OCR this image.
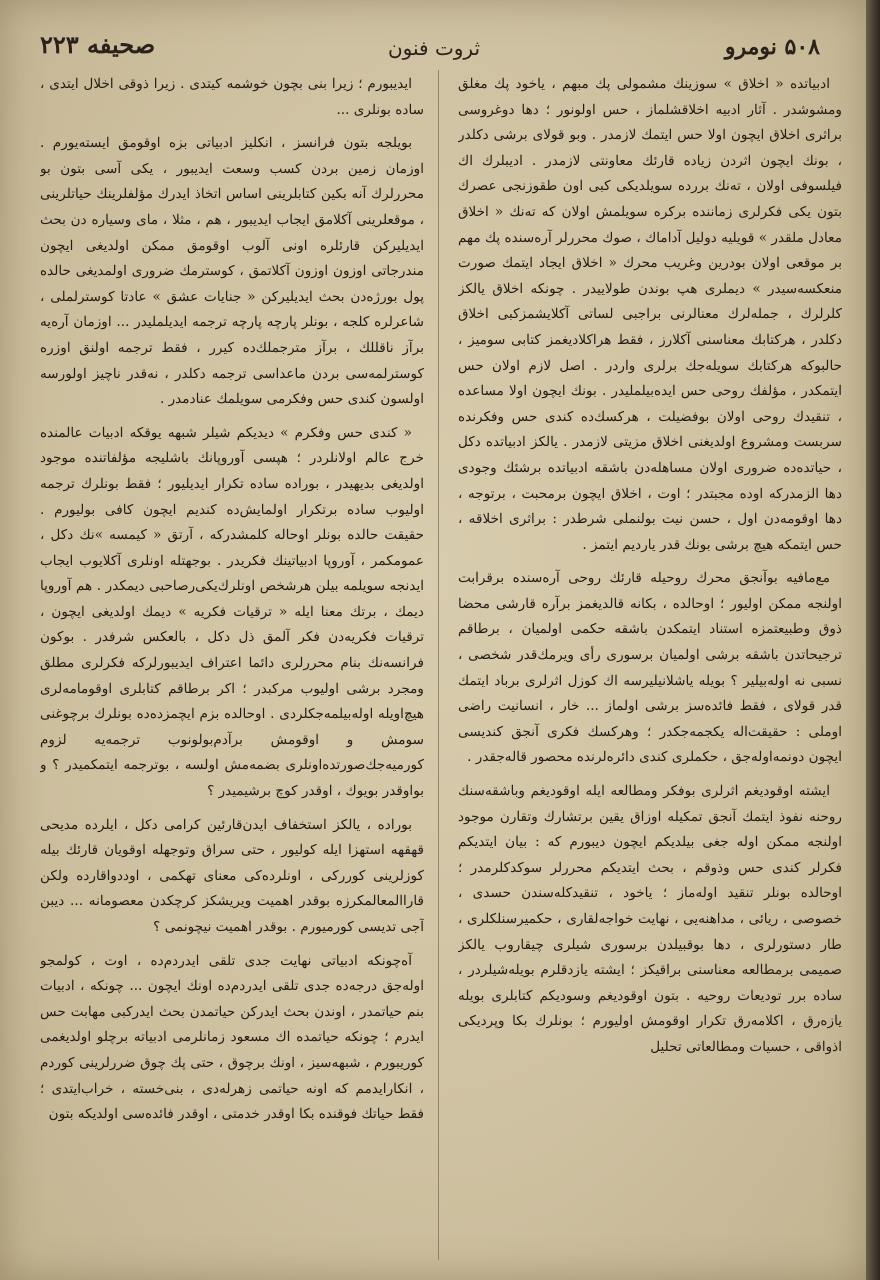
۵۰۸ نومرو
ثروت فنون
صحیفه ۲۲۳

ادبیاتده « اخلاق » سوزینك مشمولی پك مبهم ، یاخود پك مغلق ومشوشدر . آثار ادبیه اخلاقشلماز ، حس اولونور ؛ دها دوغروسی براثری اخلاق ایچون اولا حس ایتمك لازمدر . وبو قولای برشی دکلدر ، بونك ایچون اثردن زیاده قارئك معاونتی لازمدر . ادیبلرك اك فیلسوفی اولان ، تەنك بررده سویلدیکی کبی اون طقوزنجی عصرك بتون یکی فکرلری زماننده برکره سویلمش اولان که تەنك « اخلاق معادل ملقدر » قویلیه دولیل آداماك ، صوك محررلر آره‌سنده پك مهم بر موقعی اولان بودرین وغریب محرك « اخلاق ایجاد ایتمك صورت منعکسه‌سیدر » دیملری هپ بوندن طولاییدر . چونکه اخلاق یالکز کلرلرك ، جمله‌لرك معنالرنی براجبی لساتی آکلایشمزکبی اخلاق دکلدر ، هرکتابك معناسنی آکلارز ، فقط هراکلادیغمز کتابی سومیز ، حالبوکه هرکتابك سویله‌جك برلری واردر . اصل لازم اولان حس ایتمکدر ، مؤلفك روحی حس ایده‌بیلملیدر . بونك ایچون اولا مساعده ، تنقیدك روحی اولان بوفضیلت ، هرکسك‌ده کندی حس وفکرنده سربست ومشروع اولدیغنی اخلاق مزیتی لازمدر . یالکز ادبیاتده دکل ، حیاتده‌ده ضروری اولان مساهله‌دن باشقه ادبیاتده برشئك وجودی دها الزمدرکه اوده مجبتدر ؛ اوت ، اخلاق ایچون برمحبت ، برتوجه ، دها اوقومه‌دن اول ، حسن نیت بولنملی شرطدر : براثری اخلاقه ، حس ایتمکه هیچ برشی بونك قدر یاردیم ایتمز .

مع‌مافیه بوآنجق محرك روحیله قارئك روحی آره‌سنده برقرابت اولنجه ممکن اولیور ؛ اوحالده ، بکانه قالدیغمز برآره قارشی محضا ذوق وطبیعتمزه استناد ایتمکدن باشقه حکمی اولمیان ، برطاقم ترجیحاتدن باشقه برشی اولمیان برسوری رأی ویرمك‌قدر شخصی ، نسبی نه اوله‌بیلیر ؟ بویله یاشلانیلیرسه اك کوزل اثرلری برباد ایتمك قدر قولای ، فقط فائده‌سز برشی اولماز ... خار ، انسانیت راضی اوملی : حقیقت‌اله یکجمه‌جکدر ؛ وهرکسك فکری آنجق کندیسی ایچون دونمه‌اوله‌جق ، حکملری کندی دائره‌لرنده محصور قاله‌جقدر .

ایشته اوقودیغم اثرلری بوفکر ومطالعه ایله اوقودیغم وباشقه‌سنك روحنه نفوذ ایتمك آنجق تمکیله اوزاق یقین برتشارك وتقارن موجود اولنجه ممکن اوله جغی بیلدیکم ایچون دیبورم که : بیان ایتدیکم فکرلر کندی حس وذوقم ، بحث ایتدیکم محررلر سوکدکلرمدر ؛ اوحالده بونلر تنقید اوله‌ماز ؛ یاخود ، تنقیدکله‌سندن حسدی ، خصوصی ، ریائی ، مداهنه‌یی ، نهایت خواجه‌لقاری ، حکمیرسنلکلری ، طار دستورلری ، دها بوقبیلدن برسوری شیلری چیقاروب یالکز صمیمی برمطالعه معناسنی براقیکز ؛ ایشته یازدقلرم بویله‌شیلردر ، ساده برر تودیعات روحیه . بتون اوقودیغم وسودیکم کتابلری بویله یازه‌رق ، اکلامه‌رق تکرار اوقومش اولیورم ؛ بونلرك بکا وپردیکی اذواقی ، حسیات ومطالعاتی تحلیل

ایدیبورم ؛ زیرا بنی بچون خوشمه کیتدی . زیرا ذوقی اخلال ایتدی ، ساده بونلری ...

بویلجه بتون فرانسز ، انکلیز ادبیاتی بزه اوقومق ایسته‌یورم . اوزمان زمین بردن کسب وسعت ایدیبور ، یکی آسی بتون بو محررلرك آنه بکین کتابلرینی اساس اتخاذ ایدرك مؤلفلرینك حیاتلرینی ، موقعلرینی آکلامق ایجاب ایدیبور ، هم ، مثلا ، مای وسیاره دن بحث ایدیلیرکن قارئلره اونی آلوب اوقومق ممکن اولدیغی ایچون مندرجاتی اوزون اوزون آکلاتمق ، کوسترمك ضروری اولمدیغی حالده پول بورژه‌دن بحث ایدیلیرکن « جنایات عشق » عادتا کوسترلملی ، شاعرلره کلجه ، بونلر پارچه پارچه ترجمه ایدیلملیدر ... اوزمان آره‌یه برآز ناقللك ، برآز مترجملك‌ده کیرر ، فقط ترجمه اولنق اوزره کوسترلمه‌سی بردن ماعداسی ترجمه دکلدر ، نه‌قدر ناچیز اولورسه اولسون کندی حس وفکرمی سویلمك عنادمدر .

« کندی حس وفکرم » دیدیکم شیلر شبهه یوقکه ادبیات عالمنده خرج عالم اولانلردر ؛ هپسی آوروپانك باشلیجه مؤلفاتنده موجود اولدیغی بدیهیدر ، بوراده ساده تکرار ایدیلیور ؛ فقط بونلرك ترجمه اولیوب ساده برتکرار اولمایش‌ده کندیم ایچون کافی بولیورم . حقیقت حالده بونلر اوحاله کلمشدرکه ، آرتق « کیمسه »نك دکل ، عمومکمر ، آوروپا ادبیاتینك فکریدر . بوجهتله اونلری آکلایوب ایجاب ایدنجه سویلمه بیلن هرشخص اونلرك‌یکی‌رصاحبی دیمکدر . هم آوروپا دیمك ، برتك معنا ایله « ترقیات فکریه » دیمك اولدیغی ایچون ، ترقیات فکریه‌دن فکر آلمق ذل دکل ، بالعکس شرفدر . بوکون فرانسه‌نك بنام محررلری دائما اعتراف ایدیبورلرکه فکرلری مطلق ومجرد برشی اولیوب مرکبدر ؛ اکر برطاقم کتابلری اوقومامه‌لری هیچ‌اویله اوله‌بیلمه‌جکلردی . اوحالده بزم ایچمزده‌ده بونلرك برچوغنی سومش و اوقومش برآدم‌بولونوب ترجمه‌یه لزوم کورمیه‌جك‌صورتده‌اونلری بضمه‌مش اولسه ، بوترجمه ایتمکمیدر ؟ و بواوقدر بویوك ، اوقدر کوچ برشیمیدر ؟

بوراده ، یالکز استخفاف ایدن‌قارئین کرامی دکل ، ایلرده مدیحی قهقهه استهزا ایله کولیور ، حتی سراق وتوجهله اوقویان قارئك بیله کوزلرینی کوررکی ، اونلرده‌کی معنای تهکمی ، اوددواقارده ولکن قاراالمعالمکرزه بوقدر اهمیت ویریشکز کرچکدن معصومانه ... دیبن آجی تدیسی کورمیورم . بوقدر اهمیت نیچونمی ؟

آه‌چونکه ادبیاتی نهایت جدی تلقی ایدردم‌ده ، اوت ، کولمجو اوله‌جق درجه‌ده جدی تلقی ایدردم‌ده اونك ایچون ... چونکه ، ادبیات بنم حیاتمدر ، اوندن بحث ایدرکن حیاتمدن بحث ایدرکبی مهابت حس ایدرم ؛ چونکه حیاتمده اك مسعود زمانلرمی ادبیاته برچلو اولدیغمی کوریبورم ، شبهه‌سیز ، اونك برچوق ، حتی پك چوق ضررلرینی کوردم ، انکارایدمم که اونه حیاتمی زهرله‌دی ، بنی‌خسته ، خراب‌ایتدی ؛ فقط حیاتك فوقنده بکا اوقدر خدمتی ، اوقدر فائده‌سی اولدیکه بتون
